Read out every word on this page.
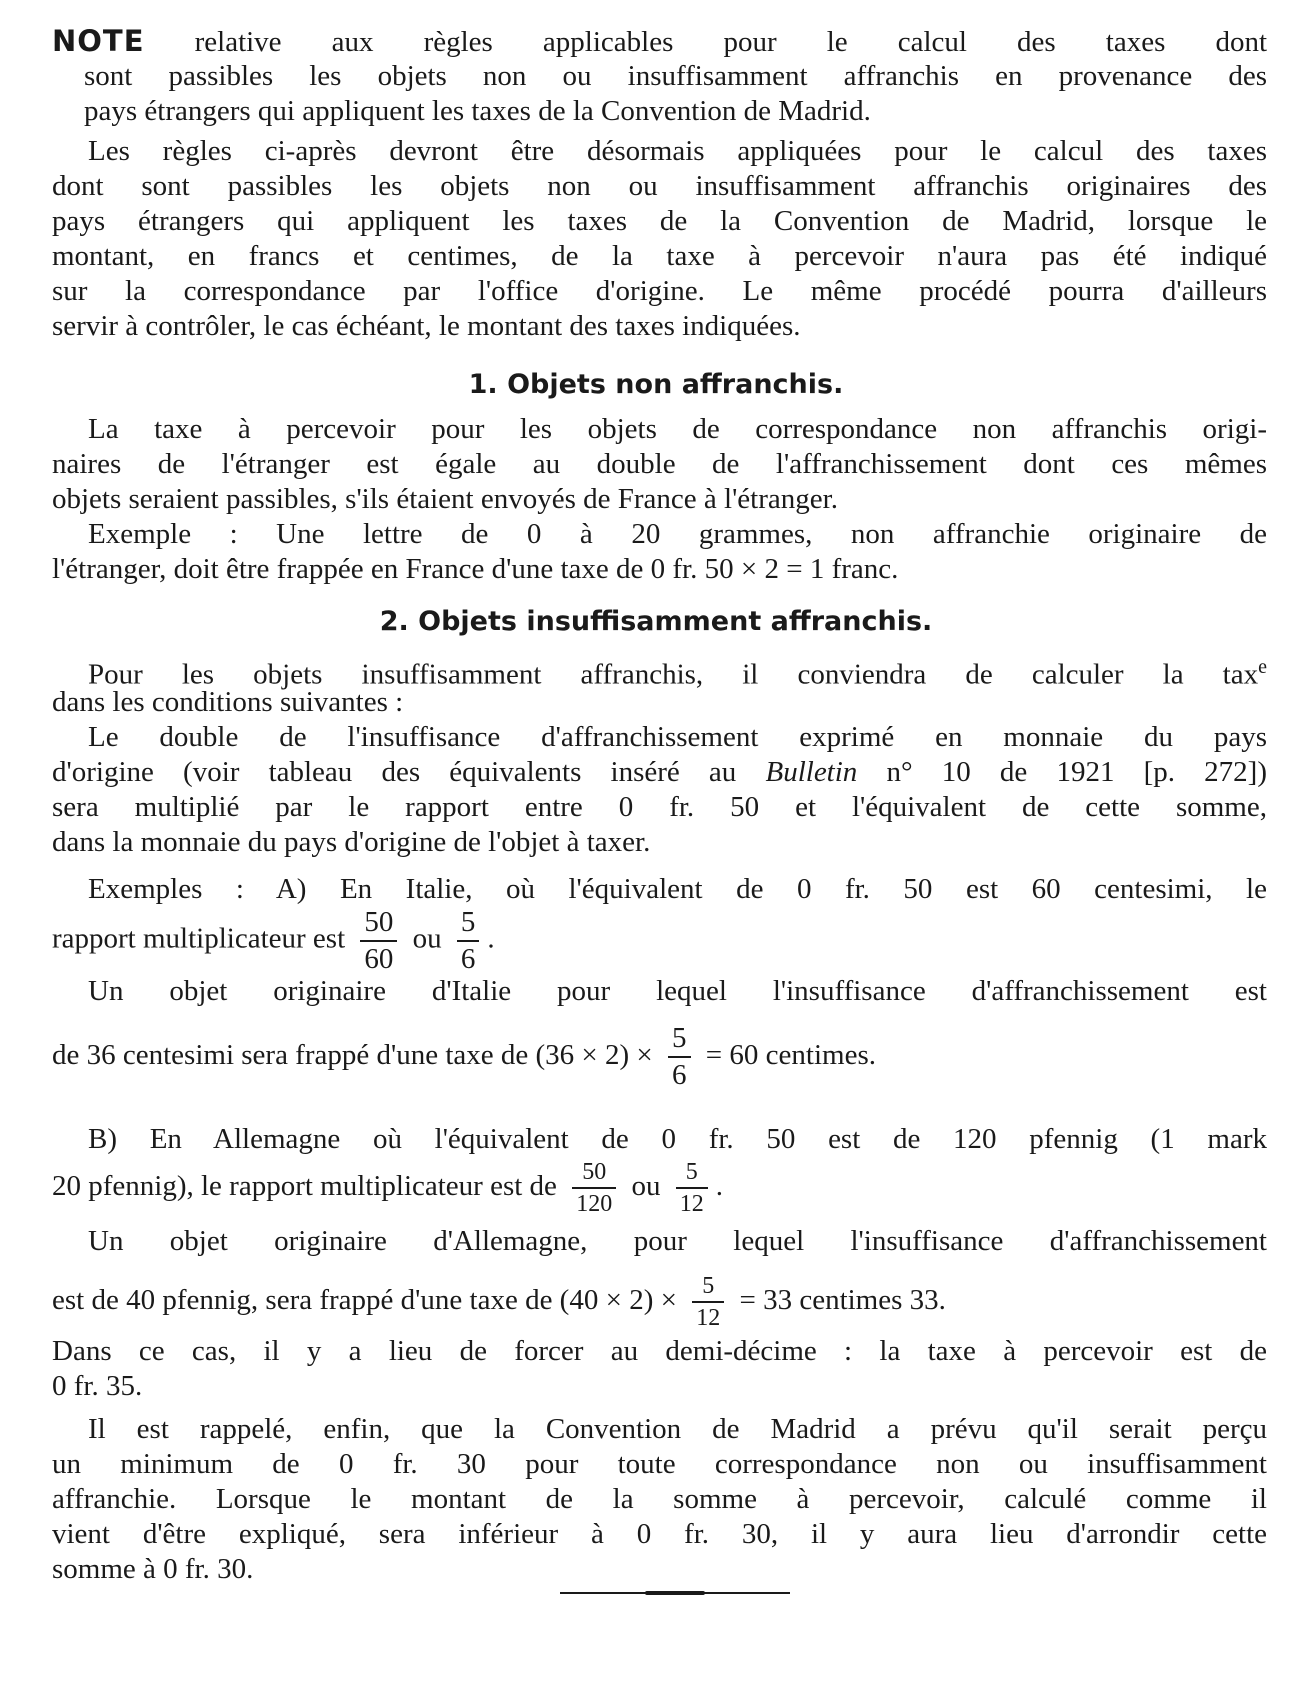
NOTE relative aux règles applicables pour le calcul des taxes dont
sont passibles les objets non ou insuffisamment affranchis en provenance des
pays étrangers qui appliquent les taxes de la Convention de Madrid.
Les règles ci-après devront être désormais appliquées pour le calcul des taxes
dont sont passibles les objets non ou insuffisamment affranchis originaires des
pays étrangers qui appliquent les taxes de la Convention de Madrid, lorsque le
montant, en francs et centimes, de la taxe à percevoir n'aura pas été indiqué
sur la correspondance par l'office d'origine. Le même procédé pourra d'ailleurs
servir à contrôler, le cas échéant, le montant des taxes indiquées.
1. Objets non affranchis.
La taxe à percevoir pour les objets de correspondance non affranchis origi-
naires de l'étranger est égale au double de l'affranchissement dont ces mêmes
objets seraient passibles, s'ils étaient envoyés de France à l'étranger.
Exemple : Une lettre de 0 à 20 grammes, non affranchie originaire de
l'étranger, doit être frappée en France d'une taxe de 0 fr. 50 × 2 = 1 franc.
2. Objets insuffisamment affranchis.
Pour les objets insuffisamment affranchis, il conviendra de calculer la tax$^e$
dans les conditions suivantes :
Le double de l'insuffisance d'affranchissement exprimé en monnaie du pays
d'origine (voir tableau des équivalents inséré au Bulletin n° 10 de 1921 [p. 272])
sera multiplié par le rapport entre 0 fr. 50 et l'équivalent de cette somme,
dans la monnaie du pays d'origine de l'objet à taxer.
Exemples : A) En Italie, où l'équivalent de 0 fr. 50 est 60 centesimi, le
rapport multiplicateur est $\frac{50}{60}$ ou $\frac{5}{6}$ .
Un objet originaire d'Italie pour lequel l'insuffisance d'affranchissement est
de 36 centesimi sera frappé d'une taxe de $(36 \times 2) \times \frac{5}{6} = 60$ centimes.
B) En Allemagne où l'équivalent de 0 fr. 50 est de 120 pfennig (1 mark
20 pfennig), le rapport multiplicateur est de $\frac{50}{120}$ ou $\frac{5}{12}$ .
Un objet originaire d'Allemagne, pour lequel l'insuffisance d'affranchissement
est de 40 pfennig, sera frappé d'une taxe de $(40 \times 2) \times \frac{5}{12} = 33$ centimes 33.
Dans ce cas, il y a lieu de forcer au demi-décime : la taxe à percevoir est de
0 fr. 35.
Il est rappelé, enfin, que la Convention de Madrid a prévu qu'il serait perçu
un minimum de 0 fr. 30 pour toute correspondance non ou insuffisamment
affranchie. Lorsque le montant de la somme à percevoir, calculé comme il
vient d'être expliqué, sera inférieur à 0 fr. 30, il y aura lieu d'arrondir cette
somme à 0 fr. 30.
